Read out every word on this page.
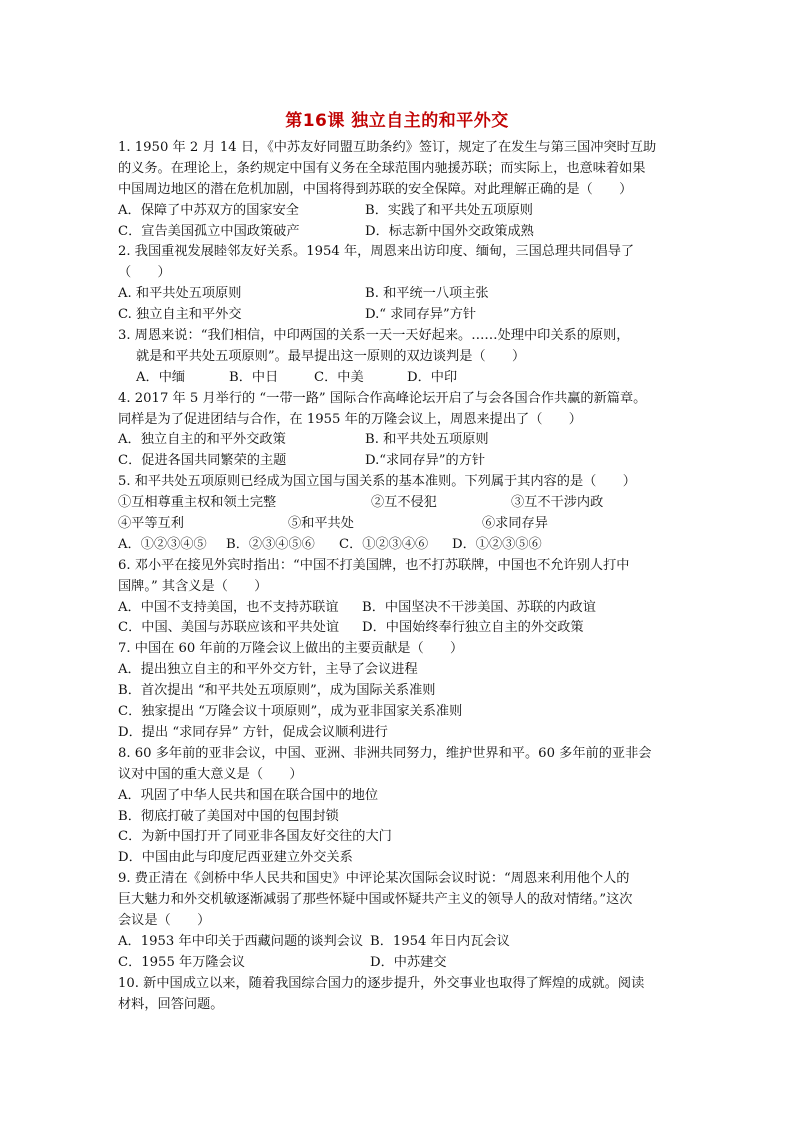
第16课 独立自主的和平外交
1. 1950 年 2 月 14 日，《中苏友好同盟互助条约》签订，规定了在发生与第三国冲突时互助
的义务。在理论上，条约规定中国有义务在全球范围内驰援苏联；而实际上，也意味着如果
中国周边地区的潜在危机加剧，中国将得到苏联的安全保障。对此理解正确的是（　　）
A．保障了中苏双方的国家安全	B．实践了和平共处五项原则
C．宣告美国孤立中国政策破产	D．标志新中国外交政策成熟
2. 我国重视发展睦邻友好关系。1954 年，周恩来出访印度、缅甸，三国总理共同倡导了
（　　）
A. 和平共处五项原则	B. 和平统一八项主张
C. 独立自主和平外交	D.“ 求同存异”方针
3. 周恩来说：“我们相信，中印两国的关系一天一天好起来。……处理中印关系的原则，
就是和平共处五项原则”。最早提出这一原则的双边谈判是（　　）
A．中缅	B．中日	C．中美	D．中印
4. 2017 年 5 月举行的 “一带一路” 国际合作高峰论坛开启了与会各国合作共赢的新篇章。
同样是为了促进团结与合作，在 1955 年的万隆会议上，周恩来提出了（　　）
A．独立自主的和平外交政策	B. 和平共处五项原则
C．促进各国共同繁荣的主题	D.“求同存异”的方针
5. 和平共处五项原则已经成为国立国与国关系的基本准则。下列属于其内容的是（　　）
①互相尊重主权和领土完整	②互不侵犯	③互不干涉内政
④平等互利	⑤和平共处	⑥求同存异
A．①②③④⑤	B．②③④⑤⑥	C．①②③④⑥	D．①②③⑤⑥
6. 邓小平在接见外宾时指出：“中国不打美国牌，也不打苏联牌，中国也不允许别人打中
国牌。” 其含义是（　　）
A．中国不支持美国，也不支持苏联谊	B．中国坚决不干涉美国、苏联的内政谊
C．中国、美国与苏联应该和平共处谊	D．中国始终奉行独立自主的外交政策
7. 中国在 60 年前的万隆会议上做出的主要贡献是（　　）
A．提出独立自主的和平外交方针，主导了会议进程
B．首次提出 “和平共处五项原则”，成为国际关系准则
C．独家提出 “万隆会议十项原则”，成为亚非国家关系准则
D．提出 “求同存异” 方针，促成会议顺利进行
8. 60 多年前的亚非会议，中国、亚洲、非洲共同努力，维护世界和平。60 多年前的亚非会
议对中国的重大意义是（　　）
A．巩固了中华人民共和国在联合国中的地位
B．彻底打破了美国对中国的包围封锁
C．为新中国打开了同亚非各国友好交往的大门
D．中国由此与印度尼西亚建立外交关系
9. 费正清在《剑桥中华人民共和国史》中评论某次国际会议时说：“周恩来利用他个人的
巨大魅力和外交机敏逐渐减弱了那些怀疑中国或怀疑共产主义的领导人的敌对情绪。”这次
会议是（　　）
A．1953 年中印关于西藏问题的谈判会议 B．1954 年日内瓦会议
C．1955 年万隆会议	D．中苏建交
10. 新中国成立以来，随着我国综合国力的逐步提升，外交事业也取得了辉煌的成就。阅读
材料，回答问题。
